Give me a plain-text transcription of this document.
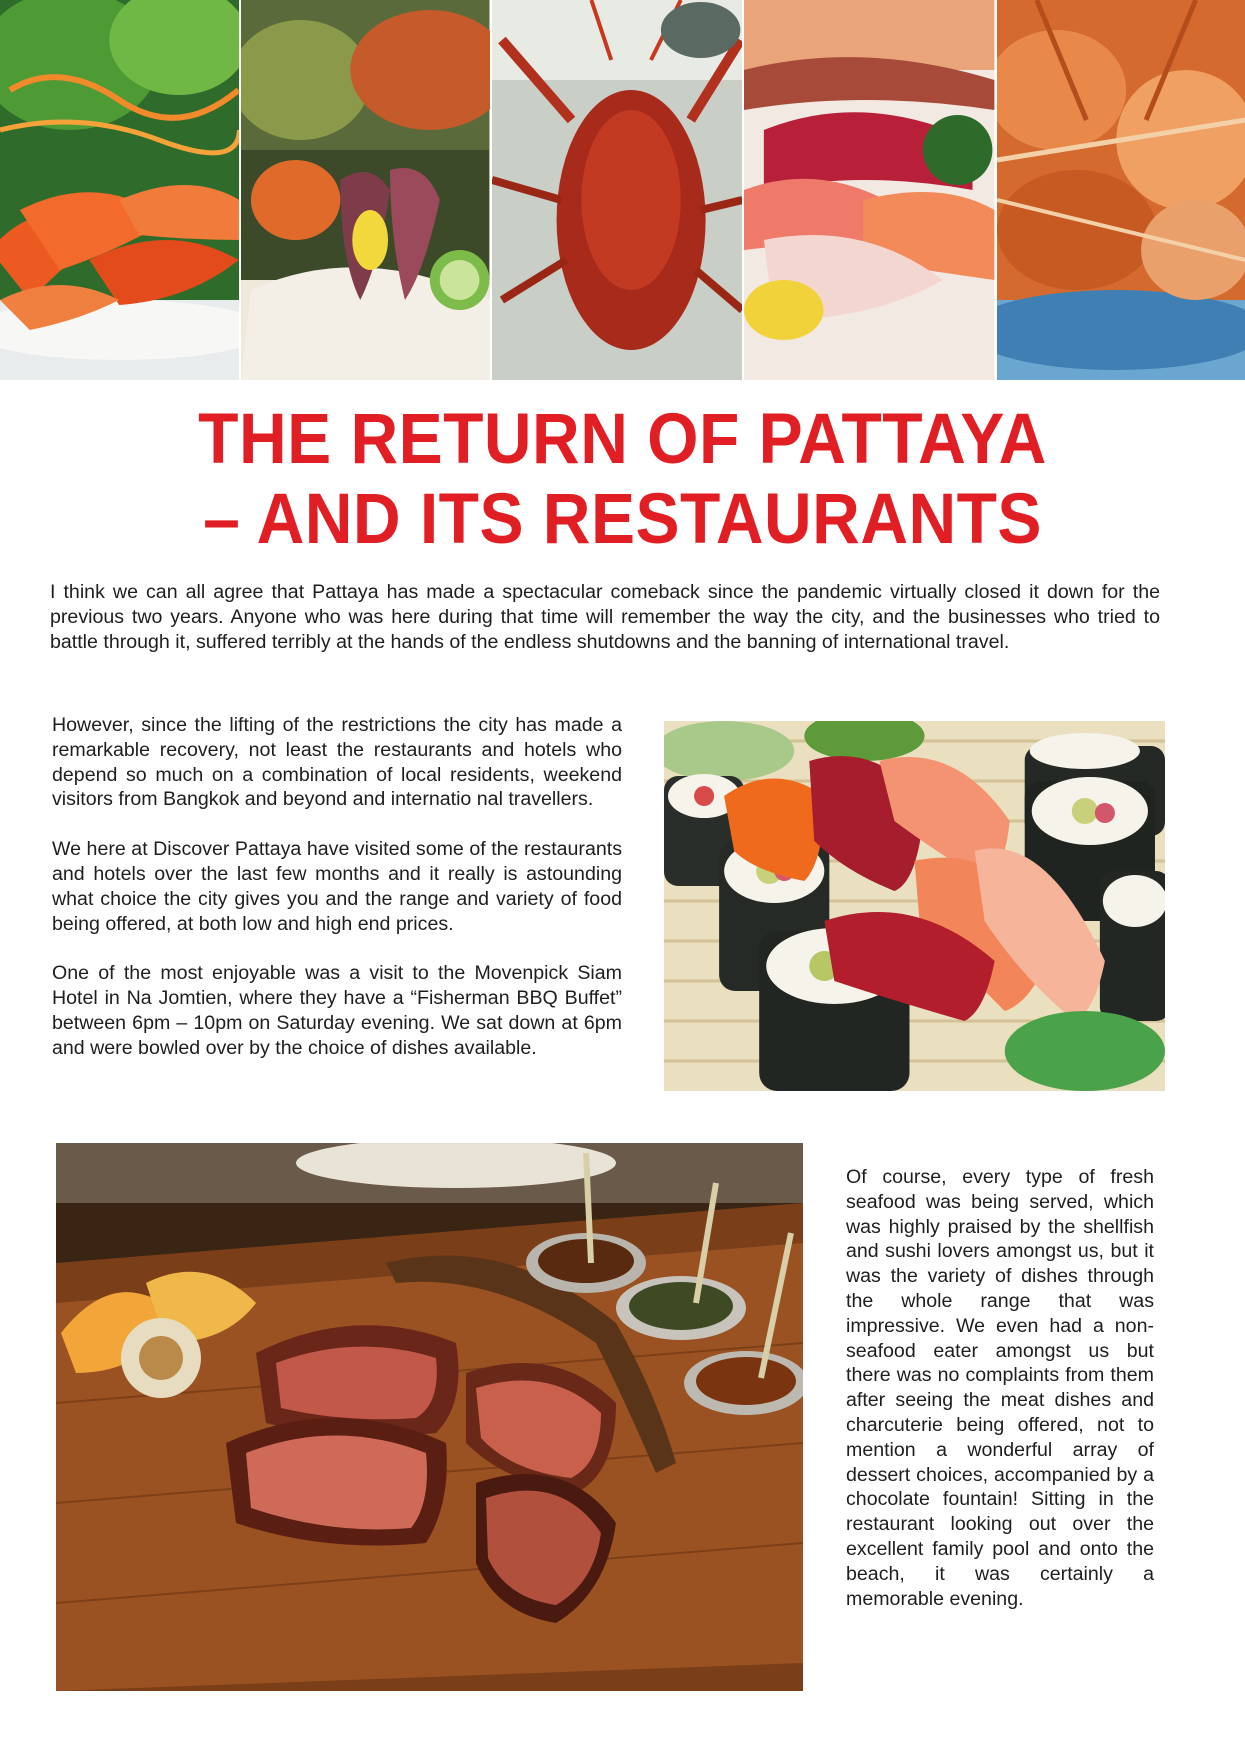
THE RETURN OF PATTAYA
– AND ITS RESTAURANTS

I think we can all agree that Pattaya has made a spectacular comeback since the pandemic virtually closed it down for the previous two years. Anyone who was here during that time will remember the way the city, and the businesses who tried to battle through it, suffered terribly at the hands of the endless shutdowns and the banning of international travel.

However, since the lifting of the restrictions the city has made a remarkable recovery, not least the restaurants and hotels who depend so much on a combination of local residents, weekend visitors from Bangkok and beyond and internatio nal travellers.

We here at Discover Pattaya have visited some of the restaurants and hotels over the last few months and it really is astounding what choice the city gives you and the range and variety of food being offered, at both low and high end prices.

One of the most enjoyable was a visit to the Movenpick Siam Hotel in Na Jomtien, where they have a “Fisherman BBQ Buffet” between 6pm – 10pm on Saturday evening. We sat down at 6pm and were bowled over by the choice of dishes available.

Of course, every type of fresh seafood was being served, which was highly praised by the shellfish and sushi lovers amongst us, but it was the variety of dishes through the whole range that was impressive. We even had a non-seafood eater amongst us but there was no complaints from them after seeing the meat dishes and charcuterie being offered, not to mention a wonderful array of dessert choices, accompanied by a chocolate fountain! Sitting in the restaurant looking out over the excellent family pool and onto the beach, it was certainly a memorable evening.
